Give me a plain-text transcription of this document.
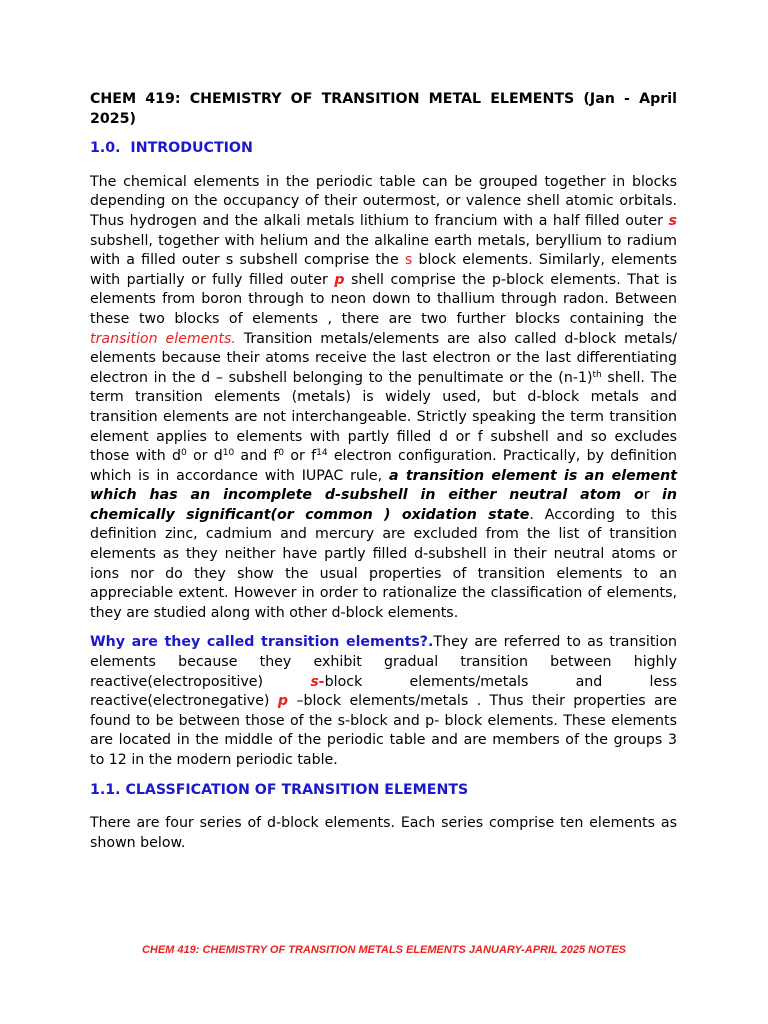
CHEM 419: CHEMISTRY OF TRANSITION METAL ELEMENTS (Jan - April 2025)
1.0. INTRODUCTION

The chemical elements in the periodic table can be grouped together in blocks depending on the occupancy of their outermost, or valence shell atomic orbitals. Thus hydrogen and the alkali metals lithium to francium with a half filled outer s subshell, together with helium and the alkaline earth metals, beryllium to radium with a filled outer s subshell comprise the s block elements. Similarly, elements with partially or fully filled outer p shell comprise the p-block elements. That is elements from boron through to neon down to thallium through radon. Between these two blocks of elements , there are two further blocks containing the transition elements. Transition metals/elements are also called d-block metals/ elements because their atoms receive the last electron or the last differentiating electron in the d – subshell belonging to the penultimate or the $(n-1)^{th}$ shell. The term transition elements (metals) is widely used, but d-block metals and transition elements are not interchangeable. Strictly speaking the term transition element applies to elements with partly filled d or f subshell and so excludes those with $d^0$ or $d^{10}$ and $f^0$ or $f^{14}$ electron configuration. Practically, by definition which is in accordance with IUPAC rule, a transition element is an element which has an incomplete d-subshell in either neutral atom or in chemically significant(or common ) oxidation state. According to this definition zinc, cadmium and mercury are excluded from the list of transition elements as they neither have partly filled d-subshell in their neutral atoms or ions nor do they show the usual properties of transition elements to an appreciable extent. However in order to rationalize the classification of elements, they are studied along with other d-block elements.

Why are they called transition elements?.They are referred to as transition elements because they exhibit gradual transition between highly reactive(electropositive) s-block elements/metals and less reactive(electronegative) p –block elements/metals . Thus their properties are found to be between those of the s-block and p- block elements. These elements are located in the middle of the periodic table and are members of the groups 3 to 12 in the modern periodic table.

1.1. CLASSFICATION OF TRANSITION ELEMENTS

There are four series of d-block elements. Each series comprise ten elements as shown below.

CHEM 419: CHEMISTRY OF TRANSITION METALS ELEMENTS JANUARY-APRIL 2025 NOTES
